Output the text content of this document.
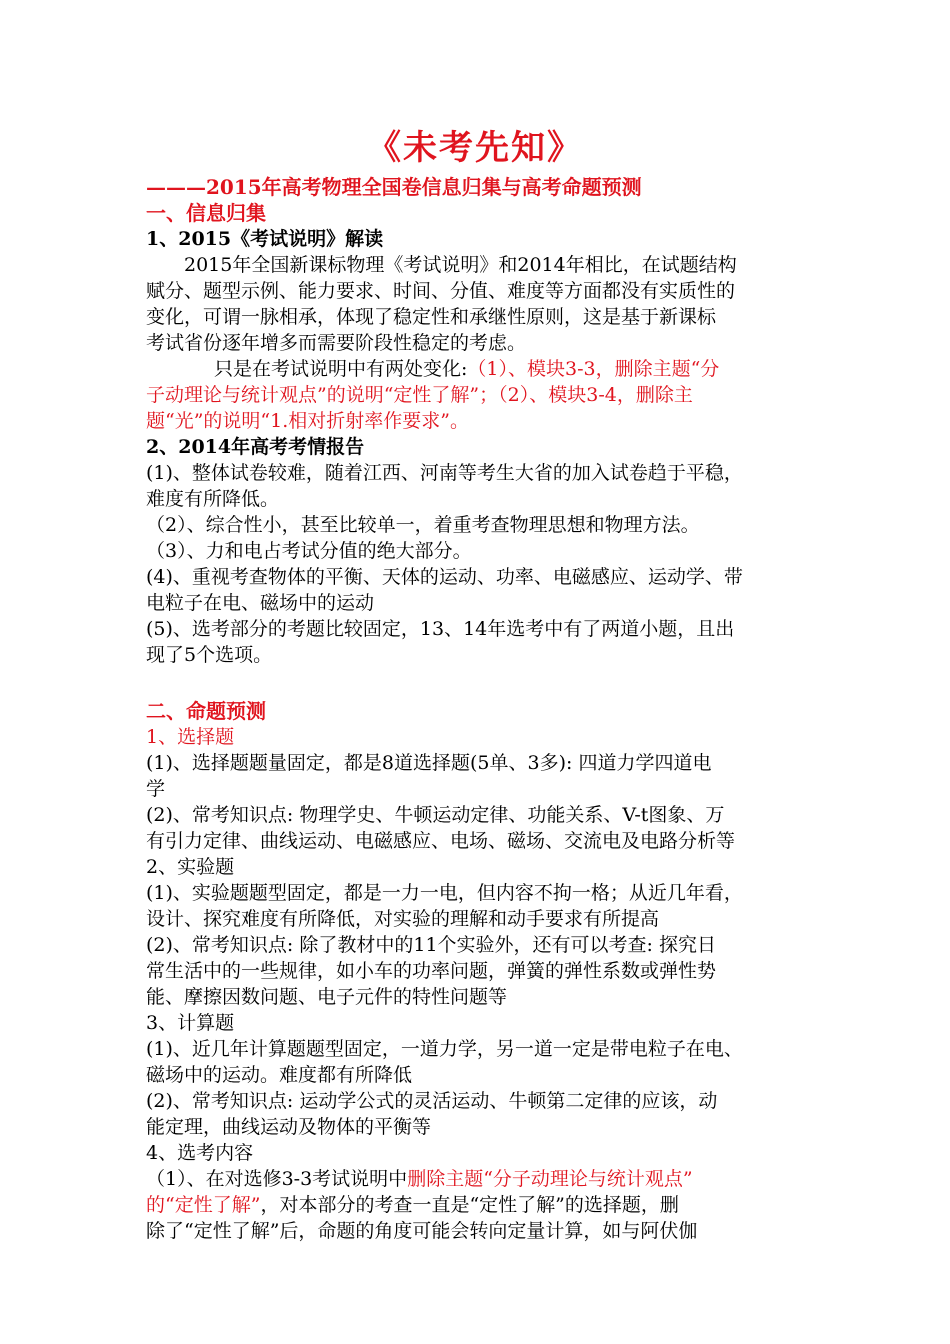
《未考先知》
———2015年高考物理全国卷信息归集与高考命题预测
一、信息归集
1、2015《考试说明》解读
2015年全国新课标物理《考试说明》和2014年相比，在试题结构
赋分、题型示例、能力要求、时间、分值、难度等方面都没有实质性的
变化，可谓一脉相承，体现了稳定性和承继性原则，这是基于新课标
考试省份逐年增多而需要阶段性稳定的考虑。
只是在考试说明中有两处变化:（1）、模块3-3，删除主题“分
子动理论与统计观点”的说明“定性了解”；（2）、模块3-4，删除主
题“光”的说明“1.相对折射率作要求”。
2、2014年高考考情报告
(1)、整体试卷较难，随着江西、河南等考生大省的加入试卷趋于平稳，
难度有所降低。
（2）、综合性小，甚至比较单一，着重考查物理思想和物理方法。
（3）、力和电占考试分值的绝大部分。
(4)、重视考查物体的平衡、天体的运动、功率、电磁感应、运动学、带
电粒子在电、磁场中的运动
(5)、选考部分的考题比较固定，13、14年选考中有了两道小题，且出
现了5个选项。
二、命题预测
1、选择题
(1)、选择题题量固定，都是8道选择题(5单、3多): 四道力学四道电
学
(2)、常考知识点: 物理学史、牛顿运动定律、功能关系、V-t图象、万
有引力定律、曲线运动、电磁感应、电场、磁场、交流电及电路分析等
2、实验题
(1)、实验题题型固定，都是一力一电，但内容不拘一格；从近几年看，
设计、探究难度有所降低，对实验的理解和动手要求有所提高
(2)、常考知识点: 除了教材中的11个实验外，还有可以考查: 探究日
常生活中的一些规律，如小车的功率问题，弹簧的弹性系数或弹性势
能、摩擦因数问题、电子元件的特性问题等
3、计算题
(1)、近几年计算题题型固定，一道力学，另一道一定是带电粒子在电、
磁场中的运动。难度都有所降低
(2)、常考知识点: 运动学公式的灵活运动、牛顿第二定律的应该，动
能定理，曲线运动及物体的平衡等
4、选考内容
（1）、在对选修3-3考试说明中删除主题“分子动理论与统计观点”
的“定性了解”，对本部分的考查一直是“定性了解”的选择题，删
除了“定性了解”后，命题的角度可能会转向定量计算，如与阿伏伽
